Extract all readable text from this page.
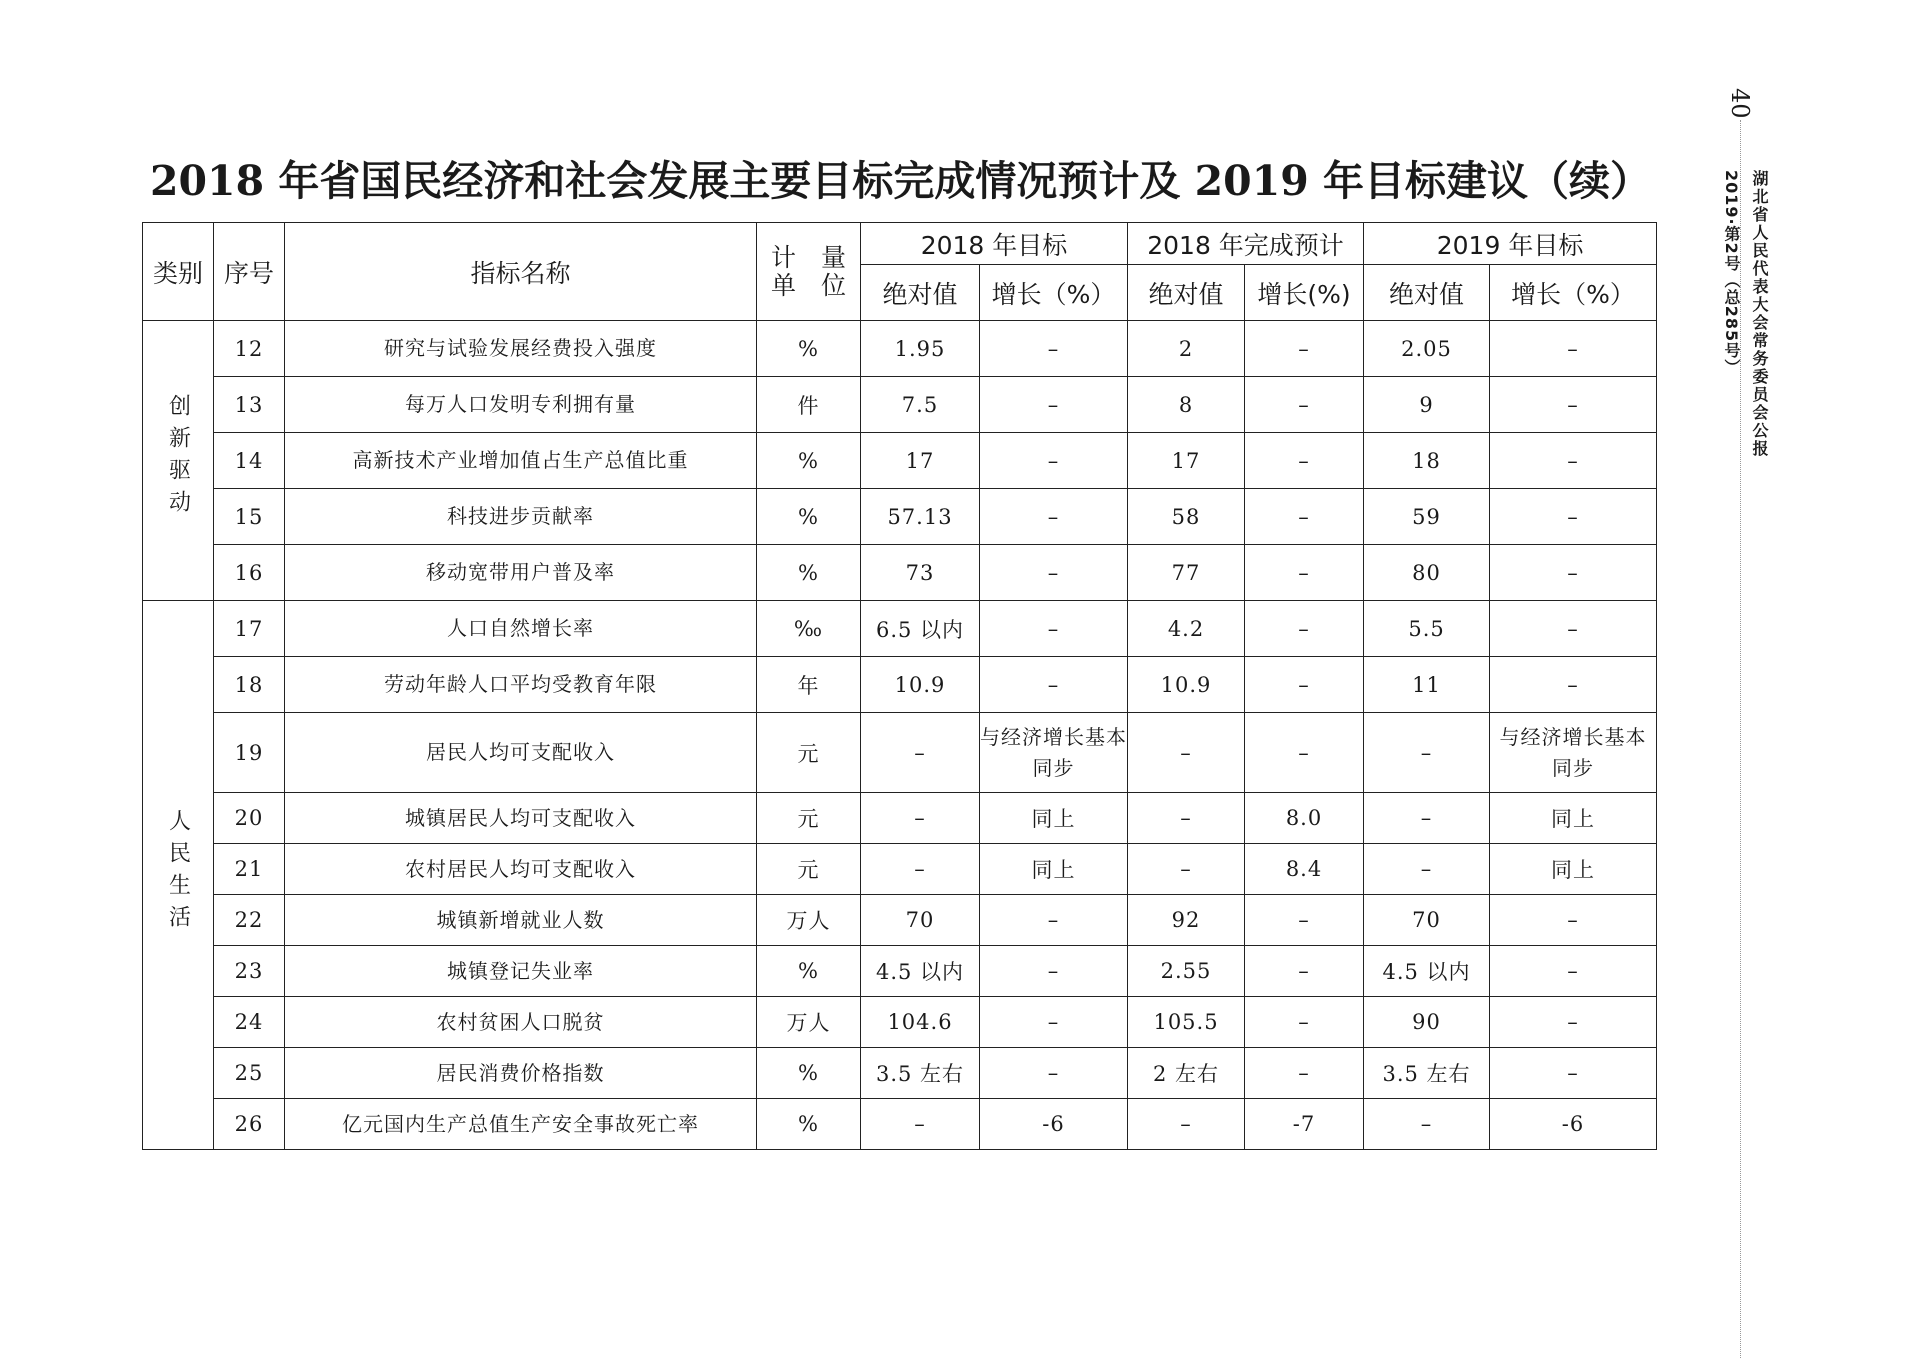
2018 年省国民经济和社会发展主要目标完成情况预计及 2019 年目标建议（续）
40
湖北省人民代表大会常务委员会公报
2019·第2号（总285号）
类别	序号	指标名称	计　量
单　位	2018 年目标		2018 年完成预计		2019 年目标	
				绝对值	增长（%）	绝对值	增长(%)	绝对值	增长（%）
创新驱动	12	研究与试验发展经费投入强度	%	1.95	–	2	–	2.05	–
	13	每万人口发明专利拥有量	件	7.5	–	8	–	9	–
	14	高新技术产业增加值占生产总值比重	%	17	–	17	–	18	–
	15	科技进步贡献率	%	57.13	–	58	–	59	–
	16	移动宽带用户普及率	%	73	–	77	–	80	–
人民生活	17	人口自然增长率	‰	6.5 以内	–	4.2	–	5.5	–
	18	劳动年龄人口平均受教育年限	年	10.9	–	10.9	–	11	–
	19	居民人均可支配收入	元	–	与经济增长基本同步	–	–	–	与经济增长基本同步
	20	城镇居民人均可支配收入	元	–	同上	–	8.0	–	同上
	21	农村居民人均可支配收入	元	–	同上	–	8.4	–	同上
	22	城镇新增就业人数	万人	70	–	92	–	70	–
	23	城镇登记失业率	%	4.5 以内	–	2.55	–	4.5 以内	–
	24	农村贫困人口脱贫	万人	104.6	–	105.5	–	90	–
	25	居民消费价格指数	%	3.5 左右	–	2 左右	–	3.5 左右	–
	26	亿元国内生产总值生产安全事故死亡率	%	–	-6	–	-7	–	-6
